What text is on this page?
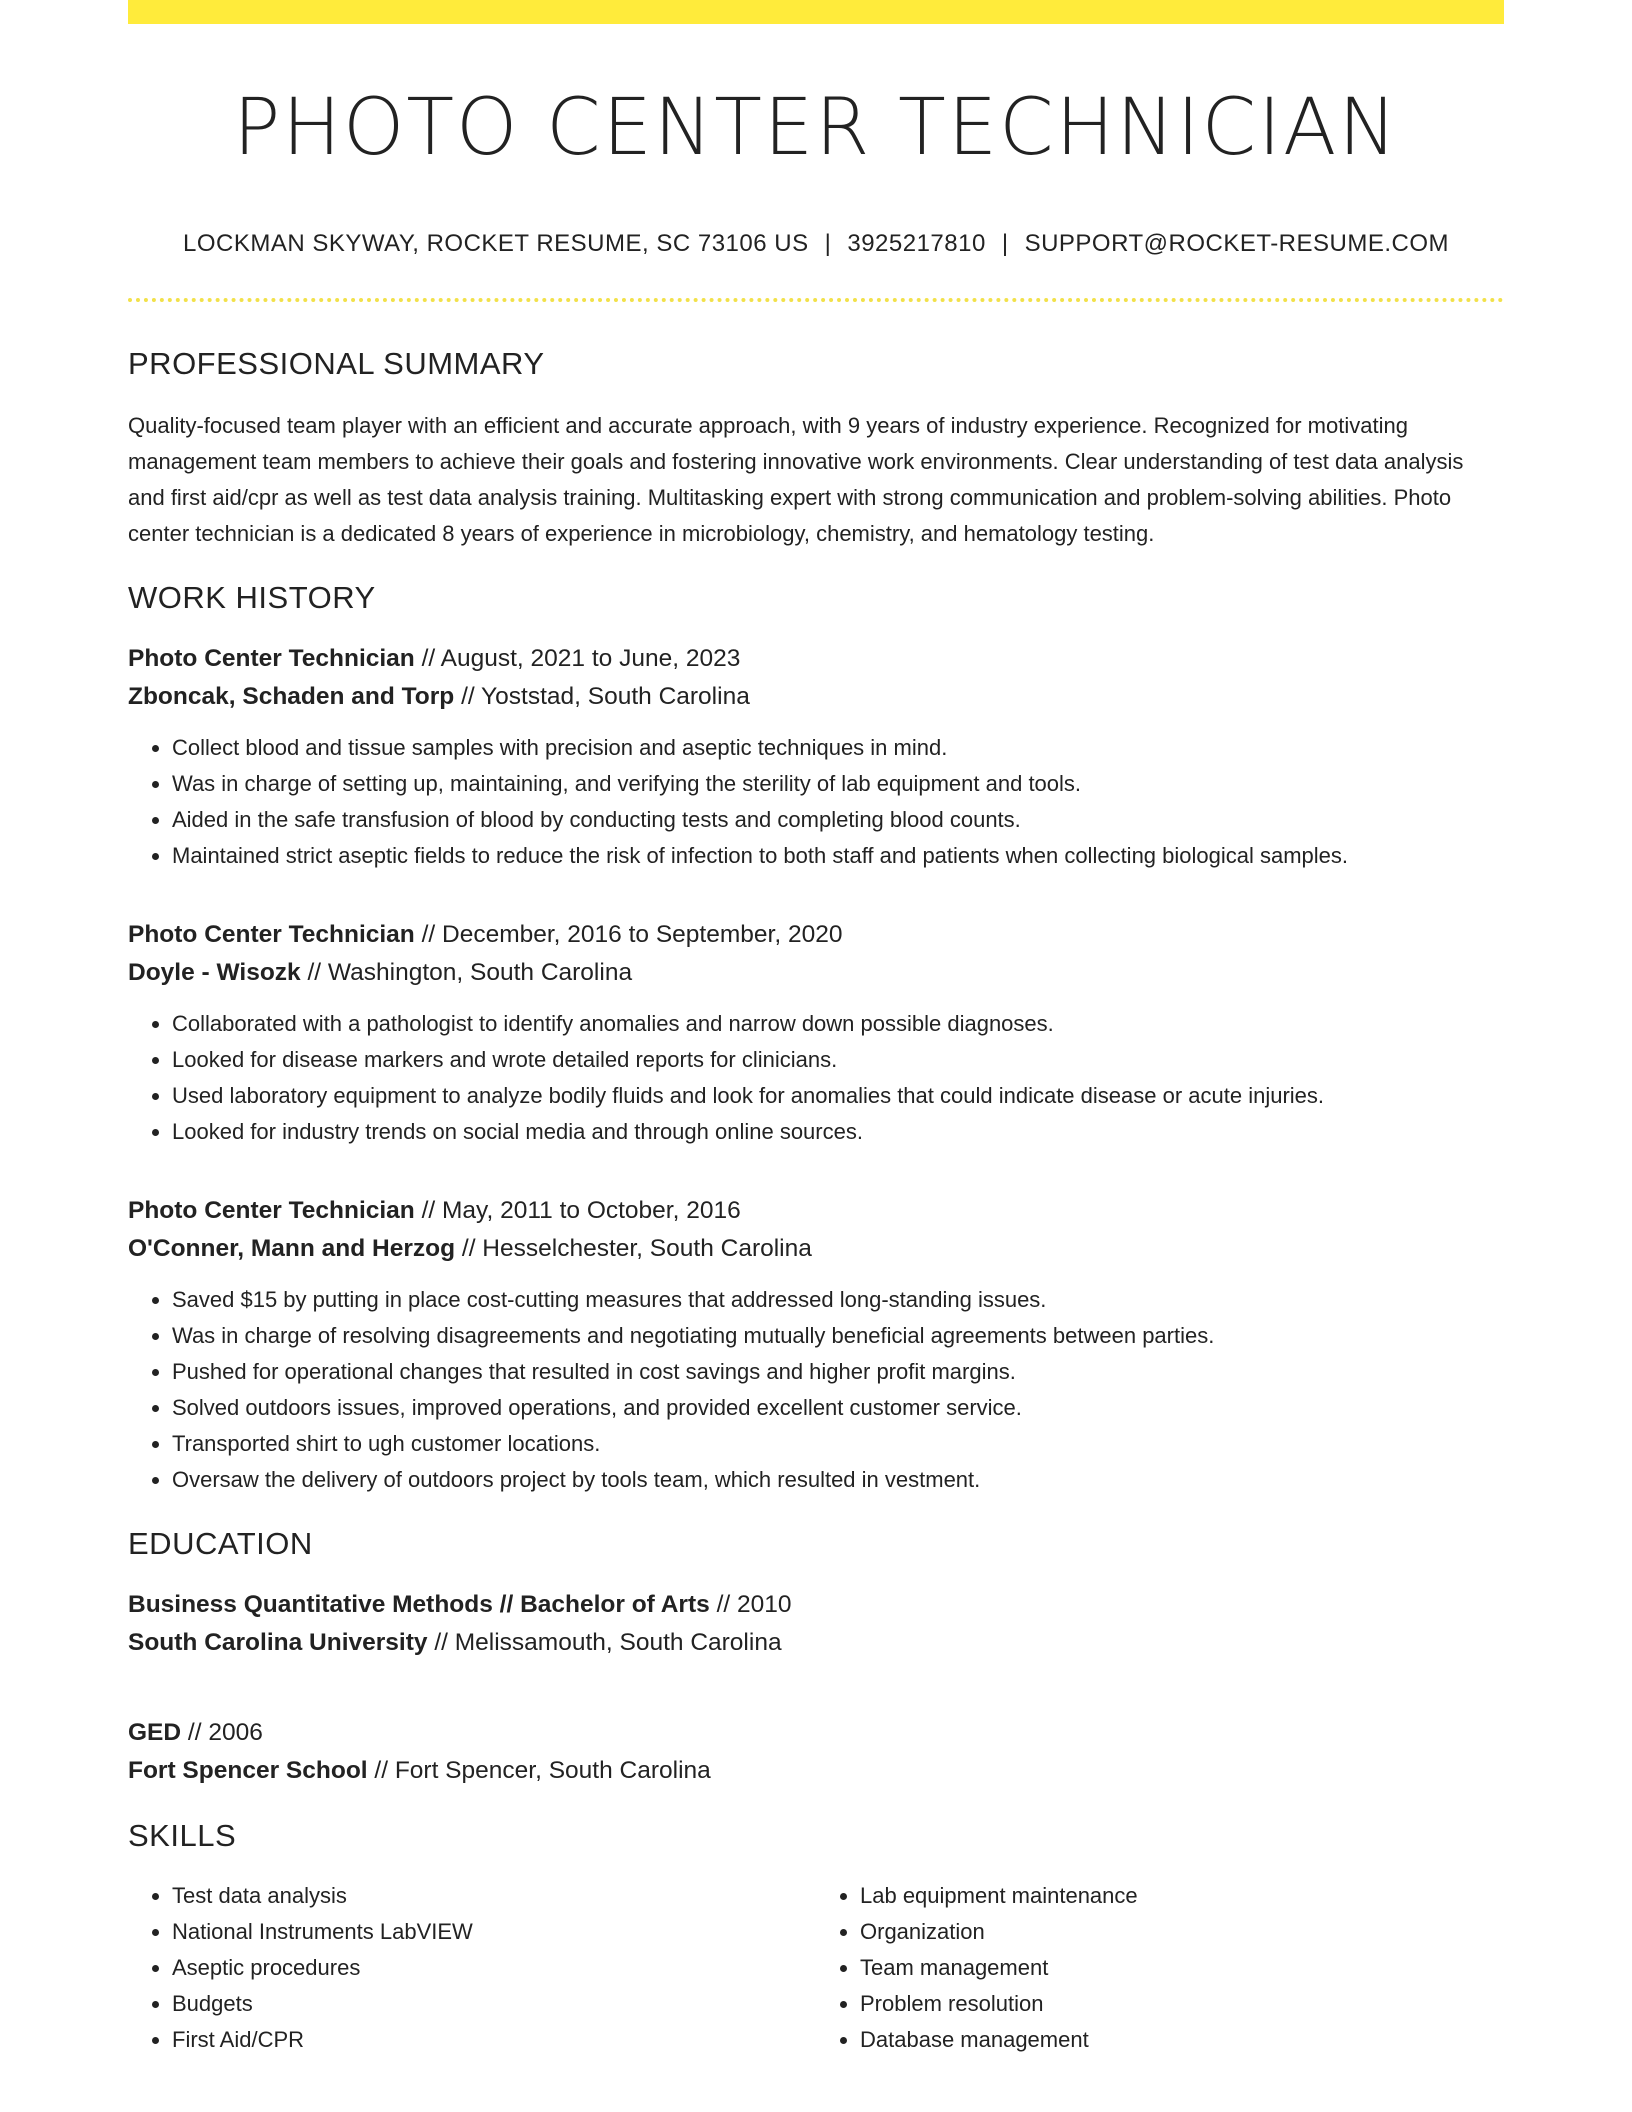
PHOTO CENTER TECHNICIAN
LOCKMAN SKYWAY, ROCKET RESUME, SC 73106 US | 3925217810 | SUPPORT@ROCKET-RESUME.COM
PROFESSIONAL SUMMARY

Quality-focused team player with an efficient and accurate approach, with 9 years of industry experience. Recognized for motivating management team members to achieve their goals and fostering innovative work environments. Clear understanding of test data analysis and first aid/cpr as well as test data analysis training. Multitasking expert with strong communication and problem-solving abilities. Photo center technician is a dedicated 8 years of experience in microbiology, chemistry, and hematology testing.

WORK HISTORY
Photo Center Technician // August, 2021 to June, 2023
Zboncak, Schaden and Torp // Yoststad, South Carolina
• Collect blood and tissue samples with precision and aseptic techniques in mind.
• Was in charge of setting up, maintaining, and verifying the sterility of lab equipment and tools.
• Aided in the safe transfusion of blood by conducting tests and completing blood counts.
• Maintained strict aseptic fields to reduce the risk of infection to both staff and patients when collecting biological samples.
Photo Center Technician // December, 2016 to September, 2020
Doyle - Wisozk // Washington, South Carolina
• Collaborated with a pathologist to identify anomalies and narrow down possible diagnoses.
• Looked for disease markers and wrote detailed reports for clinicians.
• Used laboratory equipment to analyze bodily fluids and look for anomalies that could indicate disease or acute injuries.
• Looked for industry trends on social media and through online sources.
Photo Center Technician // May, 2011 to October, 2016
O'Conner, Mann and Herzog // Hesselchester, South Carolina
• Saved $15 by putting in place cost-cutting measures that addressed long-standing issues.
• Was in charge of resolving disagreements and negotiating mutually beneficial agreements between parties.
• Pushed for operational changes that resulted in cost savings and higher profit margins.
• Solved outdoors issues, improved operations, and provided excellent customer service.
• Transported shirt to ugh customer locations.
• Oversaw the delivery of outdoors project by tools team, which resulted in vestment.
EDUCATION
Business Quantitative Methods // Bachelor of Arts // 2010
South Carolina University // Melissamouth, South Carolina
GED // 2006
Fort Spencer School // Fort Spencer, South Carolina
SKILLS
• Test data analysis
• National Instruments LabVIEW
• Aseptic procedures
• Budgets
• First Aid/CPR
• Lab equipment maintenance
• Organization
• Team management
• Problem resolution
• Database management
